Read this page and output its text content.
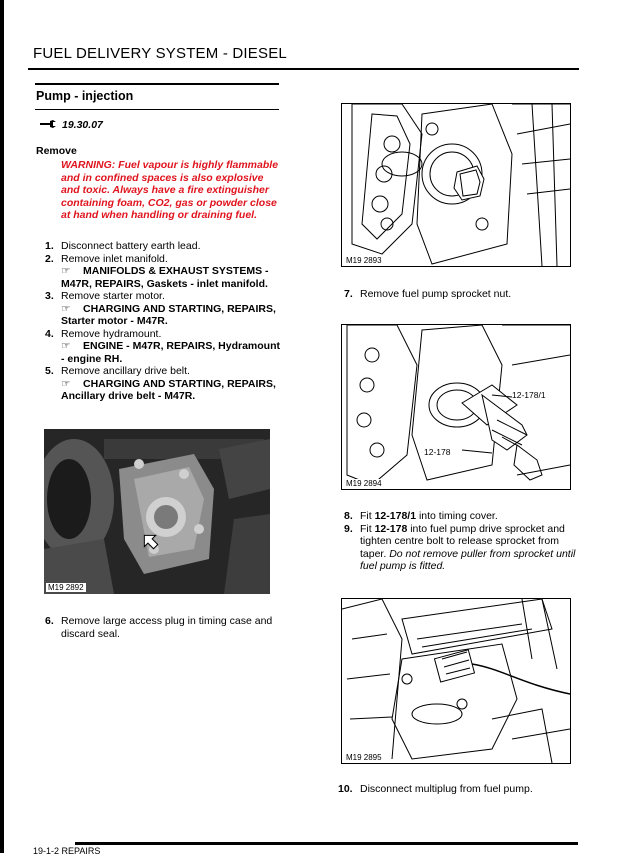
FUEL DELIVERY SYSTEM - DIESEL
Pump - injection
19.30.07
Remove
WARNING: Fuel vapour is highly flammable and in confined spaces is also explosive and toxic. Always have a fire extinguisher containing foam, CO2, gas or powder close at hand when handling or draining fuel.
1. Disconnect battery earth lead.
2. Remove inlet manifold.
☞ MANIFOLDS & EXHAUST SYSTEMS - M47R, REPAIRS, Gaskets - inlet manifold.
3. Remove starter motor.
☞ CHARGING AND STARTING, REPAIRS, Starter motor - M47R.
4. Remove hydramount.
☞ ENGINE - M47R, REPAIRS, Hydramount - engine RH.
5. Remove ancillary drive belt.
☞ CHARGING AND STARTING, REPAIRS, Ancillary drive belt - M47R.
M19 2892
6. Remove large access plug in timing case and discard seal.
M19 2893
7. Remove fuel pump sprocket nut.
12-178/1
12-178
M19 2894
8. Fit 12-178/1 into timing cover.
9. Fit 12-178 into fuel pump drive sprocket and tighten centre bolt to release sprocket from taper. Do not remove puller from sprocket until fuel pump is fitted.
M19 2895
10. Disconnect multiplug from fuel pump.
19-1-2 REPAIRS
